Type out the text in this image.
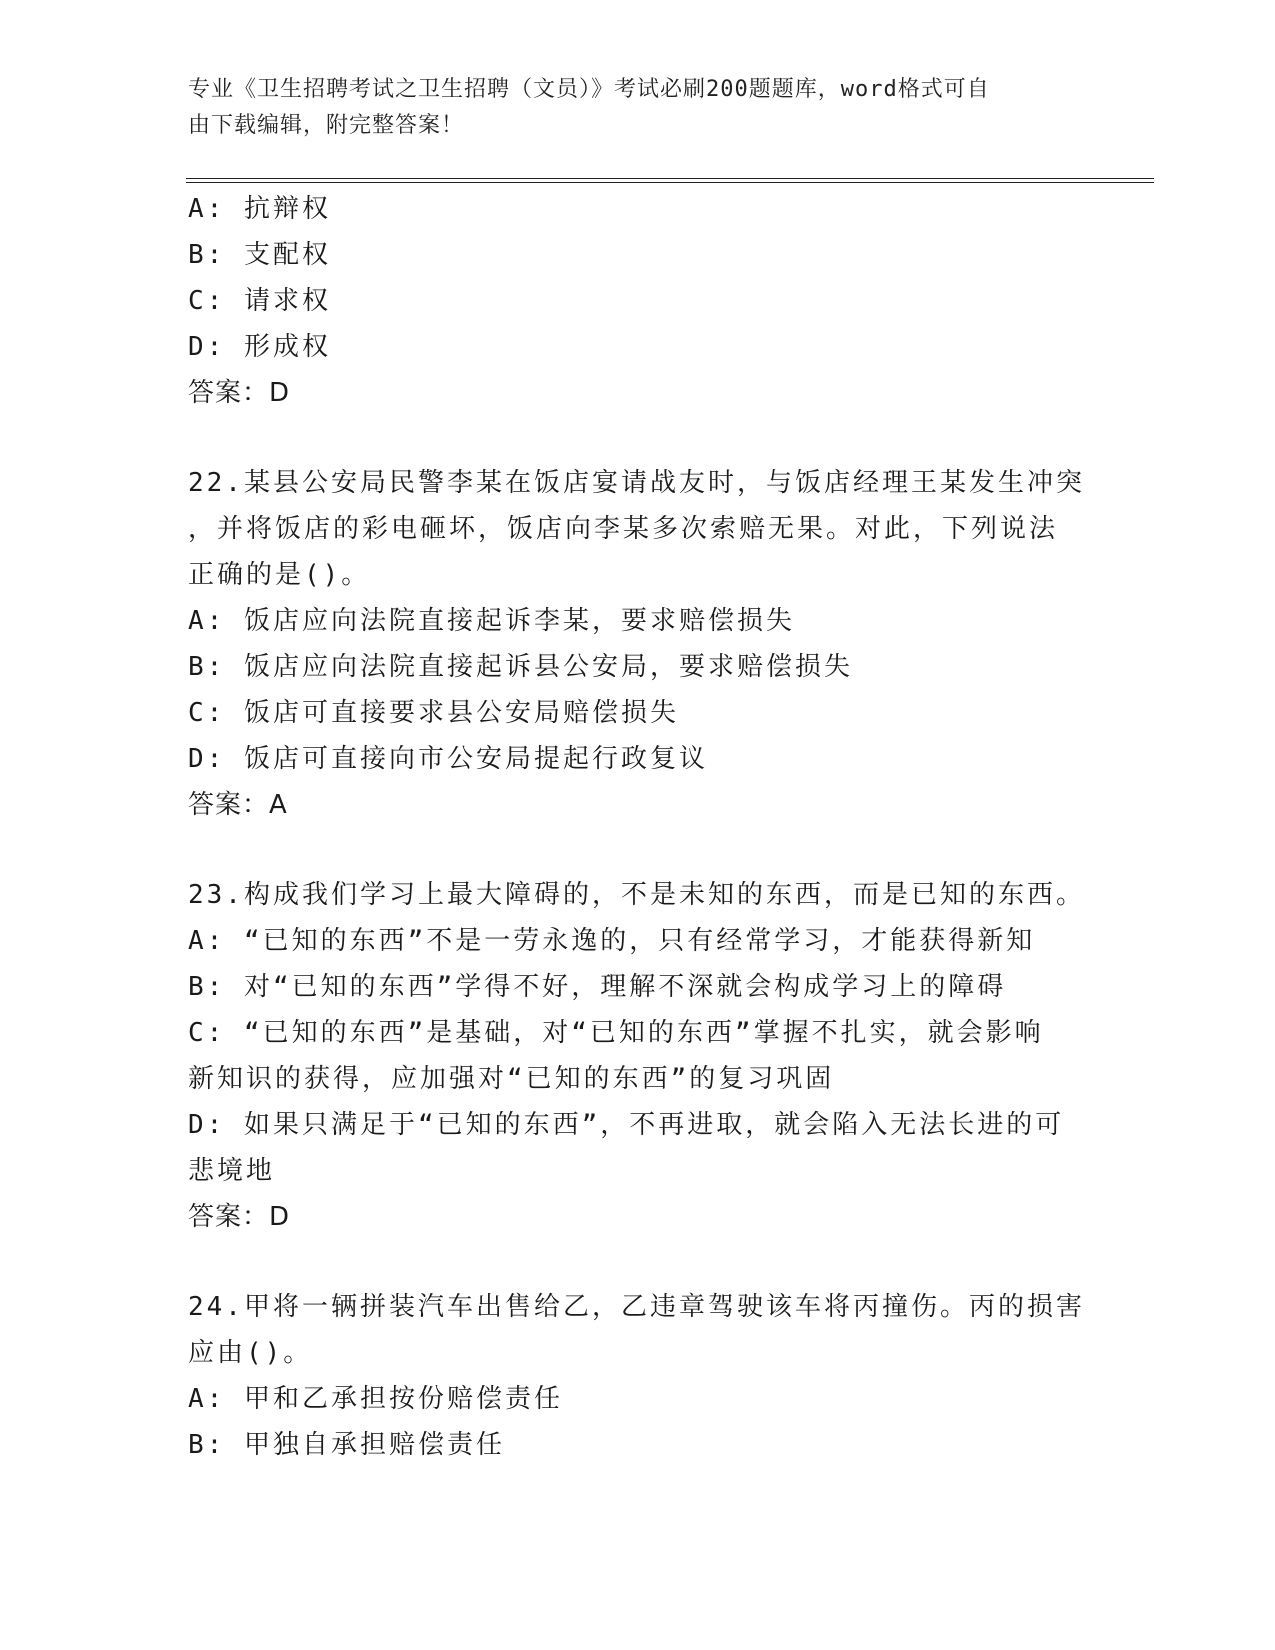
专业《卫生招聘考试之卫生招聘（文员）》考试必刷200题题库，word格式可自
由下载编辑，附完整答案！
A: 抗辩权
B: 支配权
C: 请求权
D: 形成权
答案：D
22.某县公安局民警李某在饭店宴请战友时，与饭店经理王某发生冲突
，并将饭店的彩电砸坏，饭店向李某多次索赔无果。对此，下列说法
正确的是()。
A: 饭店应向法院直接起诉李某，要求赔偿损失
B: 饭店应向法院直接起诉县公安局，要求赔偿损失
C: 饭店可直接要求县公安局赔偿损失
D: 饭店可直接向市公安局提起行政复议
答案：A
23.构成我们学习上最大障碍的，不是未知的东西，而是已知的东西。
A: “已知的东西”不是一劳永逸的，只有经常学习，才能获得新知
B: 对“已知的东西”学得不好，理解不深就会构成学习上的障碍
C: “已知的东西”是基础，对“已知的东西”掌握不扎实，就会影响
新知识的获得，应加强对“已知的东西”的复习巩固
D: 如果只满足于“已知的东西”，不再进取，就会陷入无法长进的可
悲境地
答案：D
24.甲将一辆拼装汽车出售给乙，乙违章驾驶该车将丙撞伤。丙的损害
应由()。
A: 甲和乙承担按份赔偿责任
B: 甲独自承担赔偿责任
